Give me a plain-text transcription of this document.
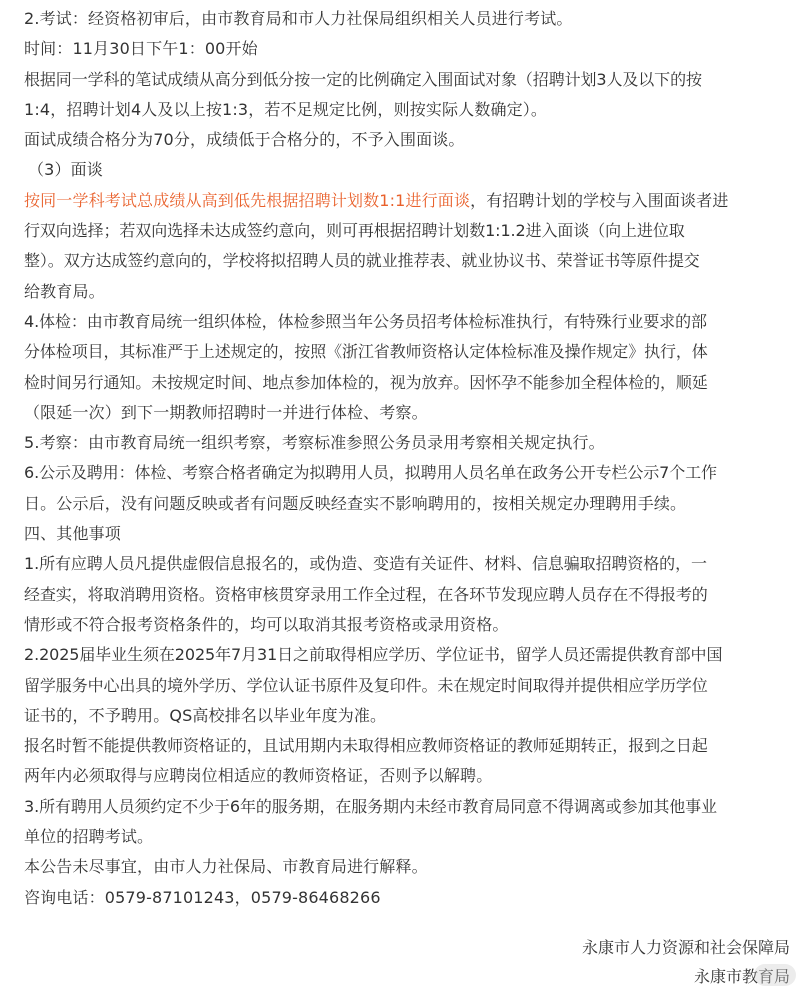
2.考试：经资格初审后，由市教育局和市人力社保局组织相关人员进行考试。

时间：11月30日下午1：00开始

根据同一学科的笔试成绩从高分到低分按一定的比例确定入围面试对象（招聘计划3人及以下的按

1:4，招聘计划4人及以上按1:3，若不足规定比例，则按实际人数确定）。

面试成绩合格分为70分，成绩低于合格分的，不予入围面谈。

（3）面谈

按同一学科考试总成绩从高到低先根据招聘计划数1:1进行面谈，有招聘计划的学校与入围面谈者进

行双向选择；若双向选择未达成签约意向，则可再根据招聘计划数1:1.2进入面谈（向上进位取

整）。双方达成签约意向的，学校将拟招聘人员的就业推荐表、就业协议书、荣誉证书等原件提交

给教育局。

4.体检：由市教育局统一组织体检，体检参照当年公务员招考体检标准执行，有特殊行业要求的部

分体检项目，其标准严于上述规定的，按照《浙江省教师资格认定体检标准及操作规定》执行，体

检时间另行通知。未按规定时间、地点参加体检的，视为放弃。因怀孕不能参加全程体检的，顺延

（限延一次）到下一期教师招聘时一并进行体检、考察。

5.考察：由市教育局统一组织考察，考察标准参照公务员录用考察相关规定执行。

6.公示及聘用：体检、考察合格者确定为拟聘用人员，拟聘用人员名单在政务公开专栏公示7个工作

日。公示后，没有问题反映或者有问题反映经查实不影响聘用的，按相关规定办理聘用手续。

四、其他事项

1.所有应聘人员凡提供虚假信息报名的，或伪造、变造有关证件、材料、信息骗取招聘资格的，一

经查实，将取消聘用资格。资格审核贯穿录用工作全过程，在各环节发现应聘人员存在不得报考的

情形或不符合报考资格条件的，均可以取消其报考资格或录用资格。

2.2025届毕业生须在2025年7月31日之前取得相应学历、学位证书，留学人员还需提供教育部中国

留学服务中心出具的境外学历、学位认证书原件及复印件。未在规定时间取得并提供相应学历学位

证书的，不予聘用。QS高校排名以毕业年度为准。

报名时暂不能提供教师资格证的，且试用期内未取得相应教师资格证的教师延期转正，报到之日起

两年内必须取得与应聘岗位相适应的教师资格证，否则予以解聘。

3.所有聘用人员须约定不少于6年的服务期，在服务期内未经市教育局同意不得调离或参加其他事业

单位的招聘考试。

本公告未尽事宜，由市人力社保局、市教育局进行解释。

咨询电话：0579-87101243，0579-86468266

永康市人力资源和社会保障局
永康市教育局
